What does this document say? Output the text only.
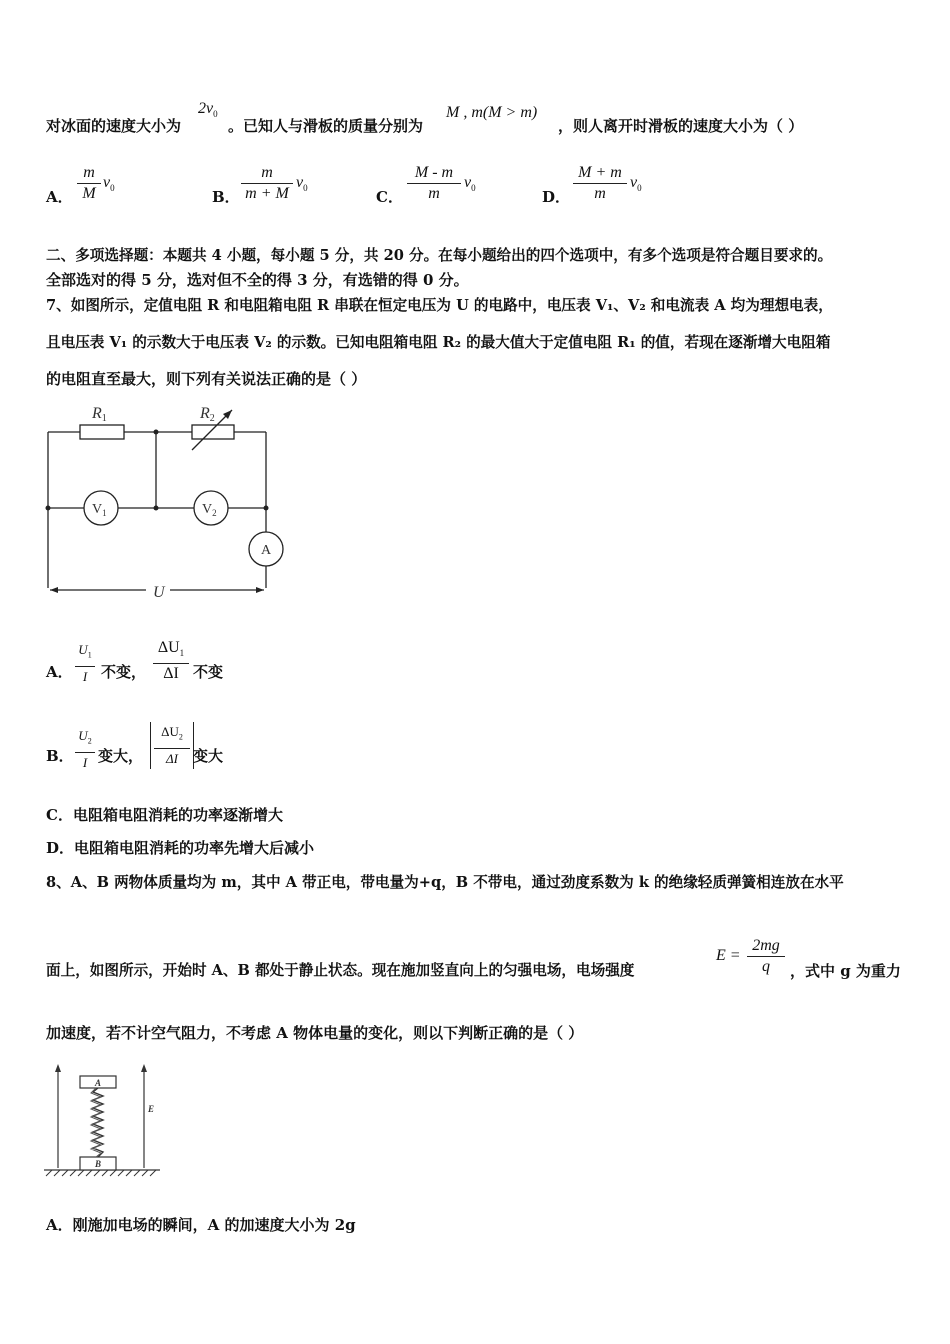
对冰面的速度大小为
$2v_0$
。已知人与滑板的质量分别为
M , m(M > m)
，则人离开时滑板的速度大小为（ ）
A．
m
M
$v_0$	B．
m
m + M
$v_0$	C．
M - m
m
$v_0$	D．
M + m
m
$v_0$
二、多项选择题：本题共 4 小题，每小题 5 分，共 20 分。在每小题给出的四个选项中，有多个选项是符合题目要求的。
全部选对的得 5 分，选对但不全的得 3 分，有选错的得 0 分。
7、如图所示，定值电阻 R 和电阻箱电阻 R 串联在恒定电压为 U 的电路中，电压表 V₁、V₂ 和电流表 A 均为理想电表，
且电压表 V₁ 的示数大于电压表 V₂ 的示数。已知电阻箱电阻 R₂ 的最大值大于定值电阻 R₁ 的值，若现在逐渐增大电阻箱
的电阻直至最大，则下列有关说法正确的是（ ）
R1	R2
U
$V_1$	$V_2$
A
A．
$U_1$
I 不变，
$\Delta U_1$
ΔI 不变
B．
$U_2$
I 变大，
$\Delta U_2$
ΔI	变大
C．电阻箱电阻消耗的功率逐渐增大
D．电阻箱电阻消耗的功率先增大后减小
8、A、B 两物体质量均为 m，其中 A 带正电，带电量为+q，B 不带电，通过劲度系数为 k 的绝缘轻质弹簧相连放在水平
面上，如图所示，开始时 A、B 都处于静止状态。现在施加竖直向上的匀强电场，电场强度
E =
2mg
q	，式中 g 为重力
加速度，若不计空气阻力，不考虑 A 物体电量的变化，则以下判断正确的是（ ）
A
B
E
A．刚施加电场的瞬间，A 的加速度大小为 2g
